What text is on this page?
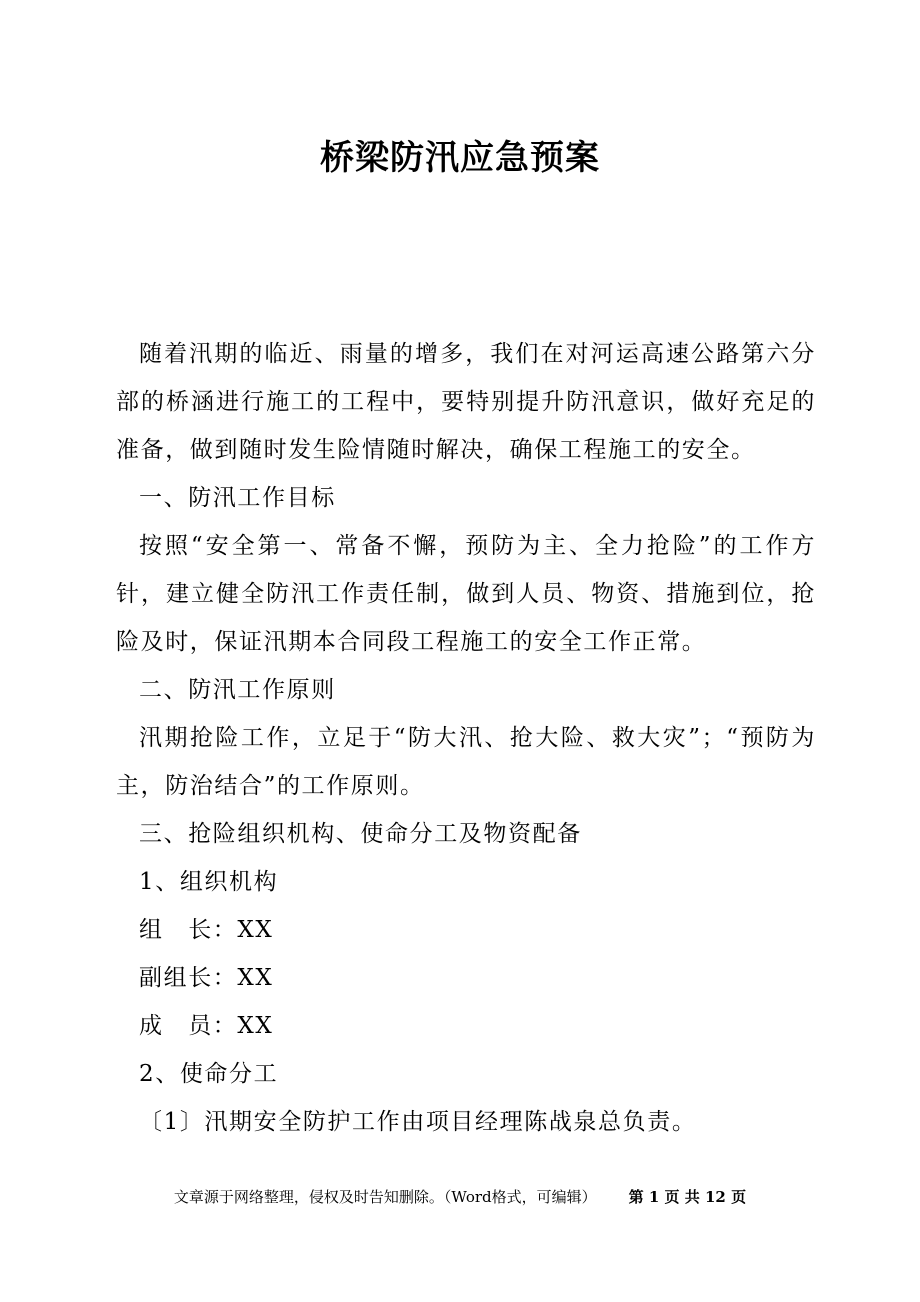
桥梁防汛应急预案

随着汛期的临近、雨量的增多，我们在对河运高速公路第六分部的桥涵进行施工的工程中，要特别提升防汛意识，做好充足的准备，做到随时发生险情随时解决，确保工程施工的安全。

一、防汛工作目标

按照“安全第一、常备不懈，预防为主、全力抢险”的工作方针，建立健全防汛工作责任制，做到人员、物资、措施到位，抢险及时，保证汛期本合同段工程施工的安全工作正常。

二、防汛工作原则

汛期抢险工作，立足于“防大汛、抢大险、救大灾”；“预防为主，防治结合”的工作原则。

三、抢险组织机构、使命分工及物资配备

1、组织机构

组　长：XX

副组长：XX

成　员：XX

2、使命分工

〔1〕汛期安全防护工作由项目经理陈战泉总负责。

文章源于网络整理，侵权及时告知删除。（Word格式，可编辑） 第 1 页 共 12 页
